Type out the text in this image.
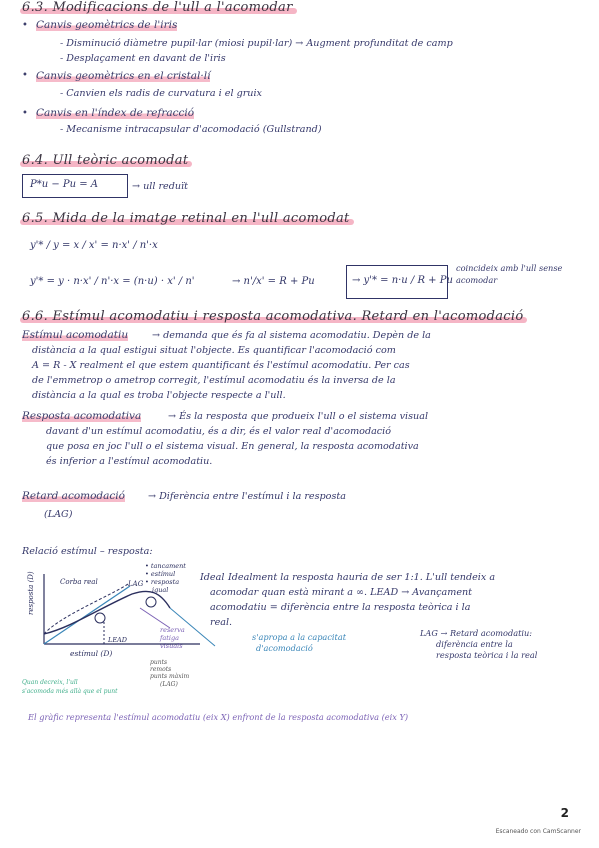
6.3. Modificacions de l'ull a l'acomodar
• Canvis geomètrics de l'iris
- Disminució diàmetre pupil·lar (miosi pupil·lar) → Augment profunditat de camp
- Desplaçament en davant de l'iris
• Canvis geomètrics en el cristal·lí
- Canvien els radis de curvatura i el gruix
• Canvis en l'índex de refracció
- Mecanisme intracapsular d'acomodació (Gullstrand)
6.4. Ull teòric acomodat
P*u − Pu = A	→ ull reduït
6.5. Mida de la imatge retinal en l'ull acomodat
y'* / y = x / x' = n·x' / n'·x
y'* = y · n·x' / n'·x = (n·u) · x' / n'	→ n'/x' = R + Pu	→ y'* = n·u / R + Pu
coincideix amb l'ull sense acomodar
6.6. Estímul acomodatiu i resposta acomodativa. Retard en l'acomodació
Estímul acomodatiu → demanda que és fa al sistema acomodatiu. Depèn de la
distància a la qual estigui situat l'objecte. Es quantificar l'acomodació com
A = R - X realment el que estem quantificant és l'estímul acomodatiu. Per cas
de l'emmetrop o ametrop corregit, l'estímul acomodatiu és la inversa de la
distància a la qual es troba l'objecte respecte a l'ull.
Resposta acomodativa	→ És la resposta que produeix l'ull o el sistema visual
davant d'un estímul acomodatiu, és a dir, és el valor real d'acomodació
que posa en joc l'ull o el sistema visual. En general, la resposta acomodativa
és inferior a l'estímul acomodatiu.
Retard acomodació → Diferència entre l'estímul i la resposta
(LAG)
Relació estímul – resposta:
resposta (D)
estímul (D)
Corba real	LAG
LEAD
• tancament
• estímul
• resposta
igual
reserva
fatiga
visuals
punts
remots
punts màxim
(LAG)
Quan decreix, l'ull
s'acomoda més allà que el punt
Ideal Idealment la resposta hauria de ser 1:1. L'ull tendeix a
acomodar quan està mirant a ∞. LEAD → Avançament
acomodatiu = diferència entre la resposta teòrica i la
real.
s'apropa a la capacitat
d'acomodació
LAG → Retard acomodatiu:
diferència entre la
resposta teòrica i la real
El gràfic representa l'estímul acomodatiu (eix X) enfront de la resposta acomodativa (eix Y)
2
Escaneado con CamScanner
